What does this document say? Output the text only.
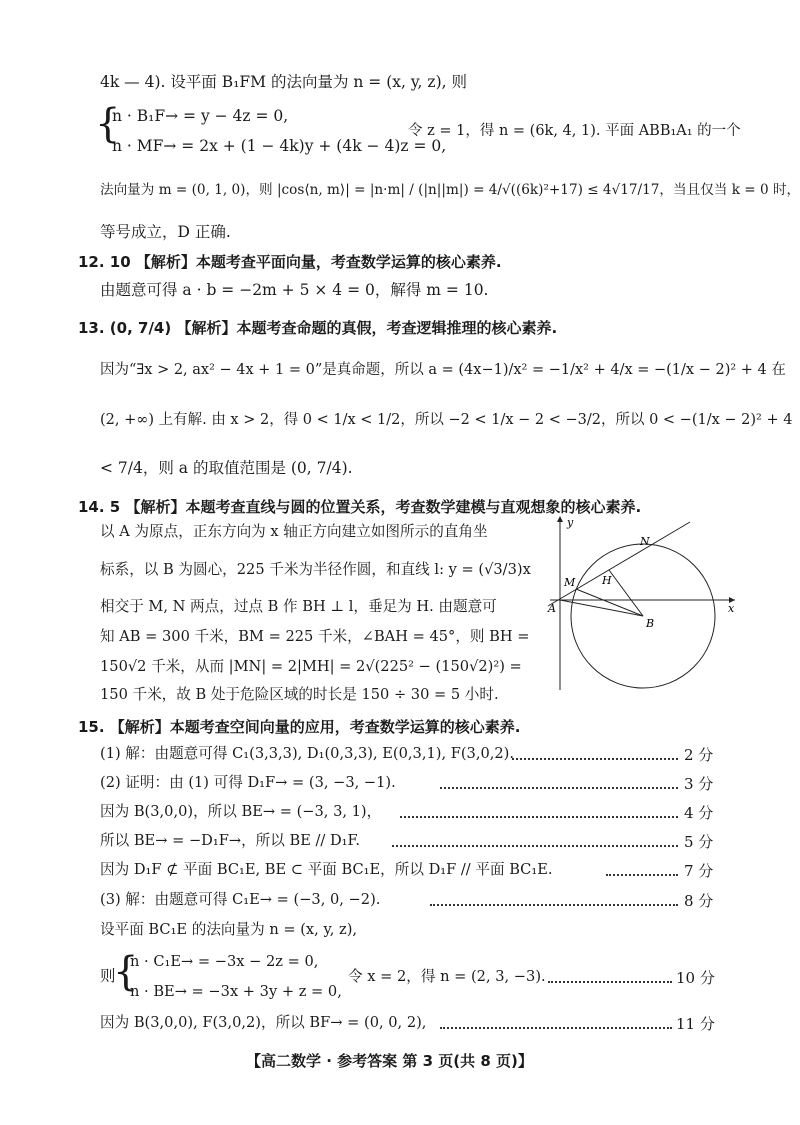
4k — 4). 设平面 B₁FM 的法向量为 n = (x, y, z), 则
{
n · B₁F→ = y − 4z = 0,
n · MF→ = 2x + (1 − 4k)y + (4k − 4)z = 0,
令 z = 1，得 n = (6k, 4, 1). 平面 ABB₁A₁ 的一个
法向量为 m = (0, 1, 0)，则 |cos⟨n, m⟩| = |n·m| / (|n||m|) = 4/√((6k)²+17) ≤ 4√17/17，当且仅当 k = 0 时，
等号成立，D 正确.
12. 10 【解析】本题考查平面向量，考查数学运算的核心素养.
由题意可得 a · b = −2m + 5 × 4 = 0，解得 m = 10.
13. (0, 7/4) 【解析】本题考查命题的真假，考查逻辑推理的核心素养.
因为“∃x > 2, ax² − 4x + 1 = 0”是真命题，所以 a = (4x−1)/x² = −1/x² + 4/x = −(1/x − 2)² + 4 在
(2, +∞) 上有解. 由 x > 2，得 0 < 1/x < 1/2，所以 −2 < 1/x − 2 < −3/2，所以 0 < −(1/x − 2)² + 4
< 7/4，则 a 的取值范围是 (0, 7/4).
14. 5 【解析】本题考查直线与圆的位置关系，考查数学建模与直观想象的核心素养.
以 A 为原点，正东方向为 x 轴正方向建立如图所示的直角坐
标系，以 B 为圆心，225 千米为半径作圆，和直线 l: y = (√3/3)x
相交于 M, N 两点，过点 B 作 BH ⊥ l，垂足为 H. 由题意可
知 AB = 300 千米，BM = 225 千米，∠BAH = 45°，则 BH =
150√2 千米，从而 |MN| = 2|MH| = 2√(225² − (150√2)²) =
150 千米，故 B 处于危险区域的时长是 150 ÷ 30 = 5 小时.
y
x
A
B
M
N
H
15. 【解析】本题考查空间向量的应用，考查数学运算的核心素养.
(1) 解：由题意可得 C₁(3,3,3), D₁(0,3,3), E(0,3,1), F(3,0,2).	2 分
(2) 证明：由 (1) 可得 D₁F→ = (3, −3, −1).	3 分
因为 B(3,0,0)，所以 BE→ = (−3, 3, 1)，	4 分
所以 BE→ = −D₁F→，所以 BE // D₁F.	5 分
因为 D₁F ⊄ 平面 BC₁E, BE ⊂ 平面 BC₁E，所以 D₁F // 平面 BC₁E.	7 分
(3) 解：由题意可得 C₁E→ = (−3, 0, −2).	8 分
设平面 BC₁E 的法向量为 n = (x, y, z),
则
{
n · C₁E→ = −3x − 2z = 0,
n · BE→ = −3x + 3y + z = 0,
令 x = 2，得 n = (2, 3, −3).	10 分
因为 B(3,0,0), F(3,0,2)，所以 BF→ = (0, 0, 2),	11 分
【高二数学 · 参考答案 第 3 页(共 8 页)】
